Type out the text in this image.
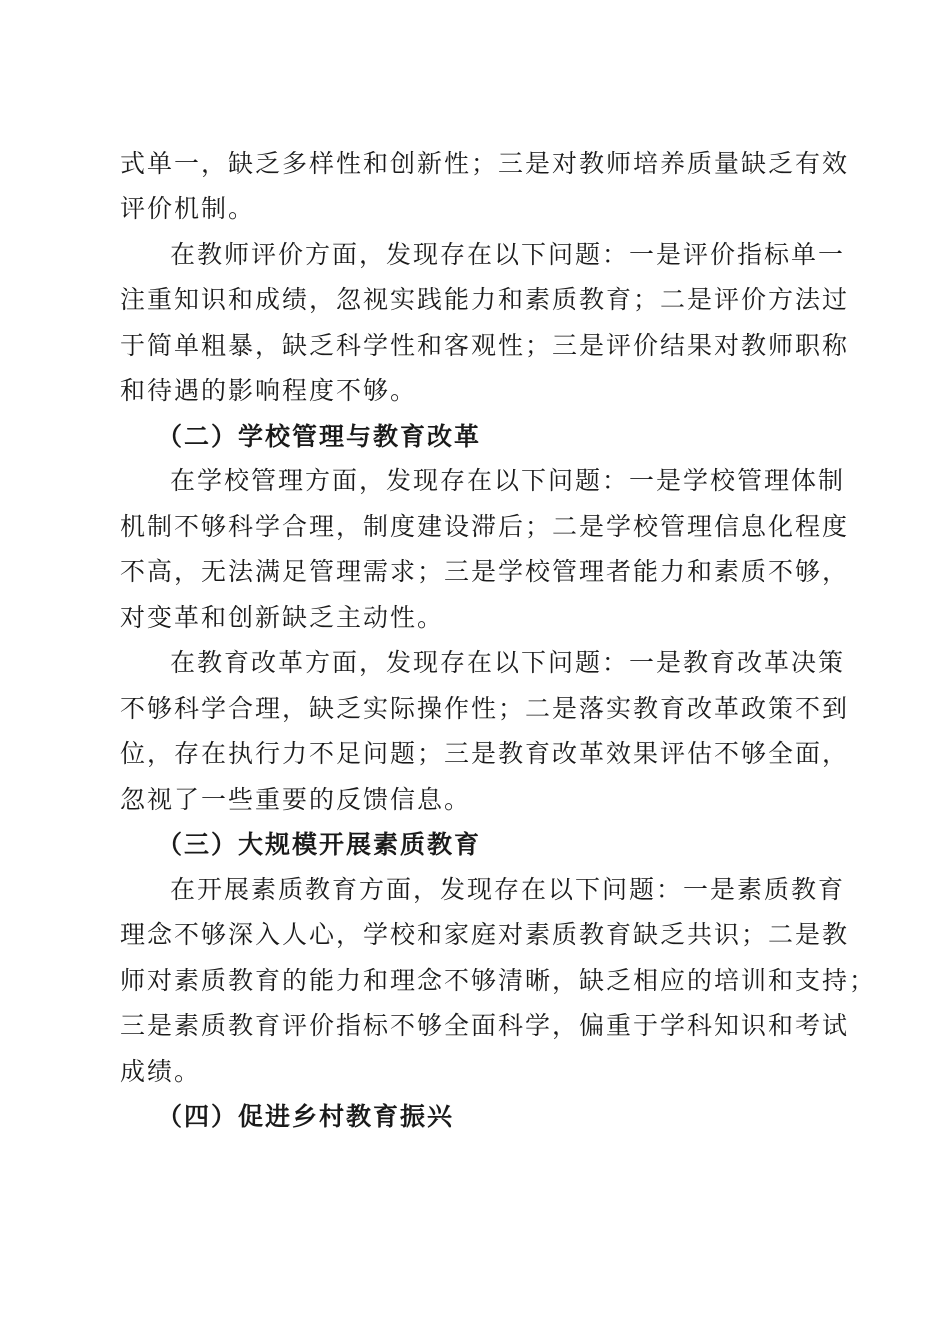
式单一，缺乏多样性和创新性；三是对教师培养质量缺乏有效
评价机制。
在教师评价方面，发现存在以下问题：一是评价指标单一
注重知识和成绩，忽视实践能力和素质教育；二是评价方法过
于简单粗暴，缺乏科学性和客观性；三是评价结果对教师职称
和待遇的影响程度不够。
（二）学校管理与教育改革
在学校管理方面，发现存在以下问题：一是学校管理体制
机制不够科学合理，制度建设滞后；二是学校管理信息化程度
不高，无法满足管理需求；三是学校管理者能力和素质不够，
对变革和创新缺乏主动性。
在教育改革方面，发现存在以下问题：一是教育改革决策
不够科学合理，缺乏实际操作性；二是落实教育改革政策不到
位，存在执行力不足问题；三是教育改革效果评估不够全面，
忽视了一些重要的反馈信息。
（三）大规模开展素质教育
在开展素质教育方面，发现存在以下问题：一是素质教育
理念不够深入人心，学校和家庭对素质教育缺乏共识；二是教
师对素质教育的能力和理念不够清晰，缺乏相应的培训和支持；
三是素质教育评价指标不够全面科学，偏重于学科知识和考试
成绩。
（四）促进乡村教育振兴
